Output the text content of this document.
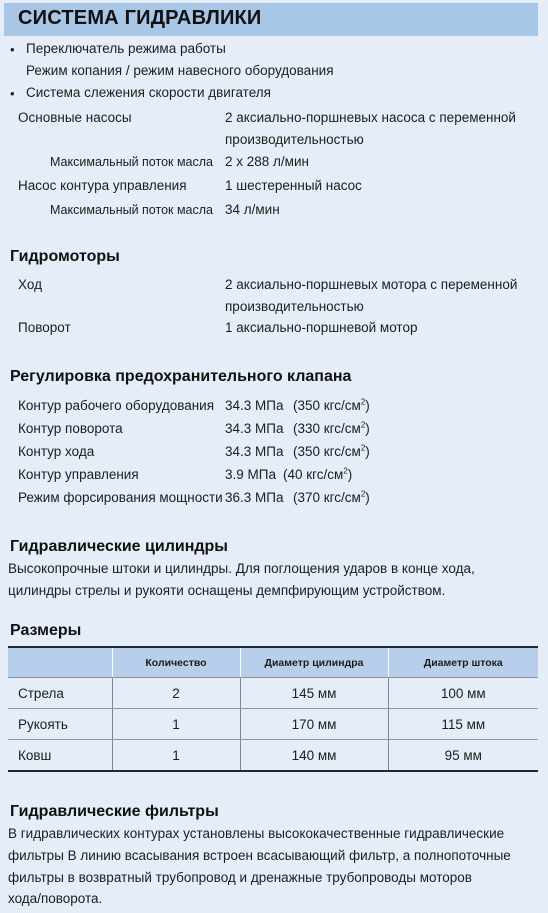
СИСТЕМА ГИДРАВЛИКИ
• Переключатель режима работы
Режим копания / режим навесного оборудования
• Система слежения скорости двигателя
Основные насосы	2 аксиально-поршневых насоса с переменной
производительностью
Максимальный поток масла 2 x 288 л/мин
Насос контура управления	1 шестеренный насос
Максимальный поток масла 34 л/мин
Гидромоторы
Ход	2 аксиально-поршневых мотора с переменной
производительностью
Поворот	1 аксиально-поршневой мотор
Регулировка предохранительного клапана
Контур рабочего оборудования 34.3 МПа (350 кгс/$см^2$)
Контур поворота	34.3 МПа (330 кгс/$см^2$)
Контур хода	34.3 МПа (350 кгс/$см^2$)
Контур управления	3.9 МПа (40 кгс/$см^2$)
Режим форсирования мощности 36.3 МПа (370 кгс/$см^2$)
Гидравлические цилиндры
Высокопрочные штоки и цилиндры. Для поглощения ударов в конце хода,
цилиндры стрелы и рукояти оснащены демпфирующим устройством.
Размеры
	Количество	Диаметр цилиндра	Диаметр штока
Стрела	2	145 мм	100 мм
Рукоять	1	170 мм	115 мм
Ковш	1	140 мм	95 мм
Гидравлические фильтры
В гидравлических контурах установлены высококачественные гидравлические
фильтры В линию всасывания встроен всасывающий фильтр, а полнопоточные
фильтры в возвратный трубопровод и дренажные трубопроводы моторов
хода/поворота.
